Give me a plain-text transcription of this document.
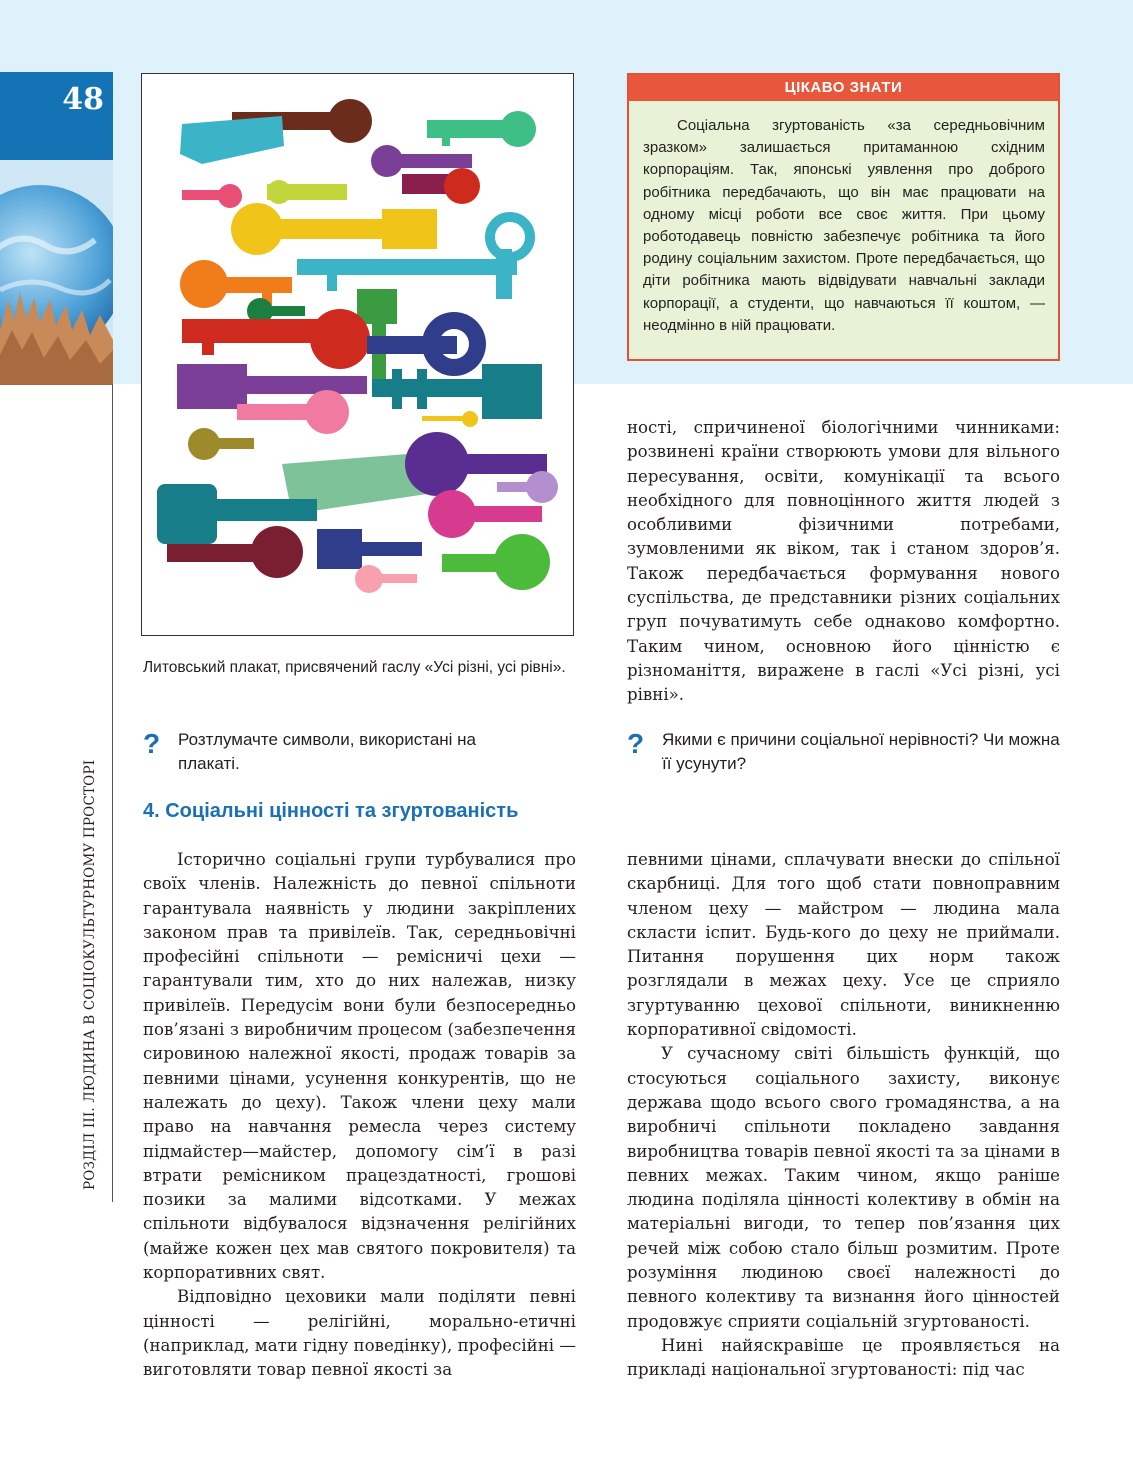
48
РОЗДІЛ III. ЛЮДИНА В СОЦІОКУЛЬТУРНОМУ ПРОСТОРІ
Литовський плакат, присвячений гаслу «Усі різні, усі рівні».
? Розтлумачте символи, використані на плакаті.
? Якими є причини соціальної нерівності? Чи можна її усунути?
4. Соціальні цінності та згуртованість
ЦІКАВО ЗНАТИ

Соціальна згуртованість «за середньовічним зразком» залишається притаманною східним корпораціям. Так, японські уявлення про доброго робітника передбачають, що він має працювати на одному місці роботи все своє життя. При цьому роботодавець повністю забезпечує робітника та його родину соціальним захистом. Проте передбачається, що діти робітника мають відвідувати навчальні заклади корпорації, а студенти, що навчаються її коштом, — неодмінно в ній працювати.

ності, спричиненої біологічними чинниками: розвинені країни створюють умови для вільного пересування, освіти, комунікації та всього необхідного для повноцінного життя людей з особливими фізичними потребами, зумовленими як віком, так і станом здоров’я. Також передбачається формування нового суспільства, де представники різних соціальних груп почуватимуть себе однаково комфортно. Таким чином, основною його цінністю є різноманіття, виражене в гаслі «Усі різні, усі рівні».

Історично соціальні групи турбувалися про своїх членів. Належність до певної спільноти гарантувала наявність у людини закріплених законом прав та привілеїв. Так, середньовічні професійні спільноти — ремісничі цехи — гарантували тим, хто до них належав, низку привілеїв. Передусім вони були безпосередньо пов’язані з виробничим процесом (забезпечення сировиною належної якості, продаж товарів за певними цінами, усунення конкурентів, що не належать до цеху). Також члени цеху мали право на навчання ремесла через систему підмайстер—майстер, допомогу сім’ї в разі втрати ремісником працездатності, грошові позики за малими відсотками. У межах спільноти відбувалося відзначення релігійних (майже кожен цех мав святого покровителя) та корпоративних свят.

Відповідно цеховики мали поділяти певні цінності — релігійні, морально-етичні (наприклад, мати гідну поведінку), професійні — виготовляти товар певної якості за

певними цінами, сплачувати внески до спільної скарбниці. Для того щоб стати повноправним членом цеху — майстром — людина мала скласти іспит. Будь-кого до цеху не приймали. Питання порушення цих норм також розглядали в межах цеху. Усе це сприяло згуртуванню цехової спільноти, виникненню корпоративної свідомості.

У сучасному світі більшість функцій, що стосуються соціального захисту, виконує держава щодо всього свого громадянства, а на виробничі спільноти покладено завдання виробництва товарів певної якості та за цінами в певних межах. Таким чином, якщо раніше людина поділяла цінності колективу в обмін на матеріальні вигоди, то тепер пов’язання цих речей між собою стало більш розмитим. Проте розуміння людиною своєї належності до певного колективу та визнання його цінностей продовжує сприяти соціальній згуртованості.

Нині найяскравіше це проявляється на прикладі національної згуртованості: під час
